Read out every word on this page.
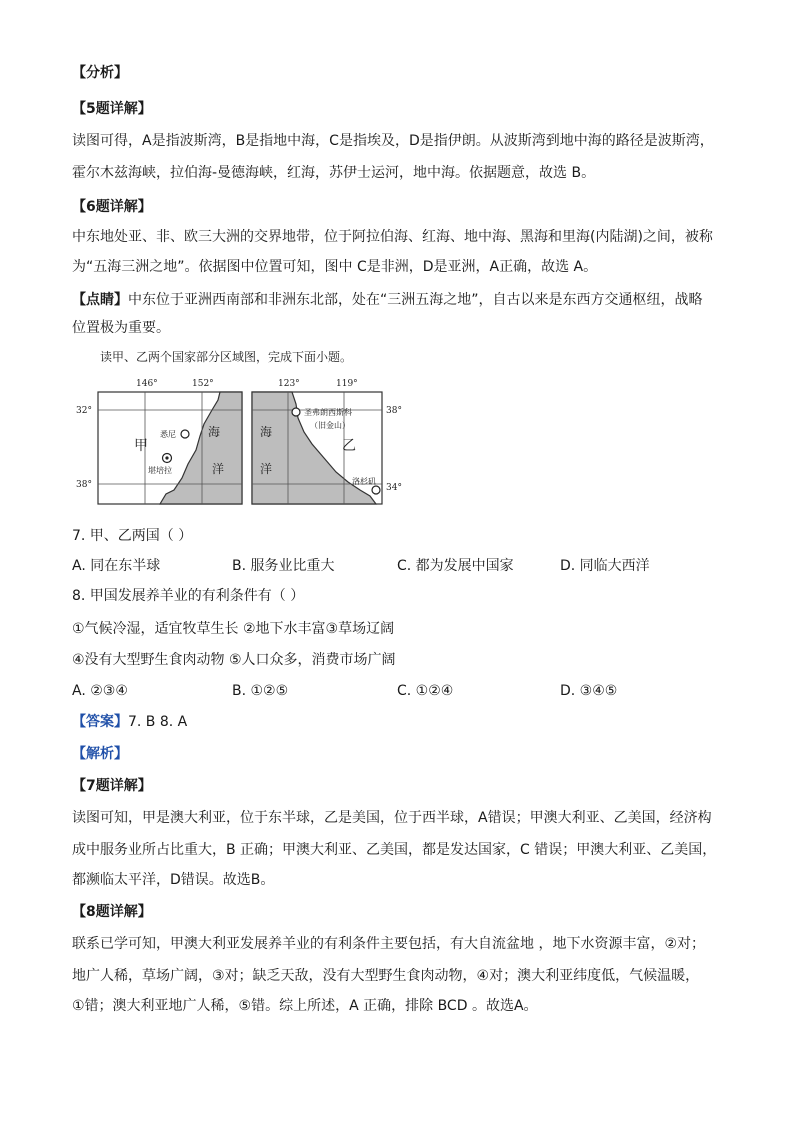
【分析】
【5题详解】
读图可得，A是指波斯湾，B是指地中海，C是指埃及，D是指伊朗。从波斯湾到地中海的路径是波斯湾，
霍尔木兹海峡，拉伯海-曼德海峡，红海，苏伊士运河，地中海。依据题意，故选 B。
【6题详解】
中东地处亚、非、欧三大洲的交界地带，位于阿拉伯海、红海、地中海、黑海和里海(内陆湖)之间，被称
为“五海三洲之地”。依据图中位置可知，图中 C是非洲，D是亚洲，A正确，故选 A。
【点睛】中东位于亚洲西南部和非洲东北部，处在“三洲五海之地”，自古以来是东西方交通枢纽，战略
位置极为重要。
读甲、乙两个国家部分区域图，完成下面小题。
146°	152°
32°
38°
甲
悉尼
堪培拉
海
洋
123°	119°
38°
34°
圣弗朗西斯科
（旧金山）
乙
洛杉矶
海
洋
7. 甲、乙两国（ ）
A. 同在东半球	B. 服务业比重大	C. 都为发展中国家	D. 同临大西洋
8. 甲国发展养羊业的有利条件有（ ）
①气候冷湿，适宜牧草生长 ②地下水丰富③草场辽阔
④没有大型野生食肉动物 ⑤人口众多，消费市场广阔
A. ②③④	B. ①②⑤	C. ①②④	D. ③④⑤
【答案】7. B 8. A
【解析】
【7题详解】
读图可知，甲是澳大利亚，位于东半球，乙是美国，位于西半球，A错误；甲澳大利亚、乙美国，经济构
成中服务业所占比重大，B 正确；甲澳大利亚、乙美国，都是发达国家，C 错误；甲澳大利亚、乙美国，
都濒临太平洋，D错误。故选B。
【8题详解】
联系已学可知，甲澳大利亚发展养羊业的有利条件主要包括，有大自流盆地 ，地下水资源丰富，②对；
地广人稀，草场广阔，③对；缺乏天敌，没有大型野生食肉动物，④对；澳大利亚纬度低，气候温暖，
①错；澳大利亚地广人稀，⑤错。综上所述，A 正确，排除 BCD 。故选A。
